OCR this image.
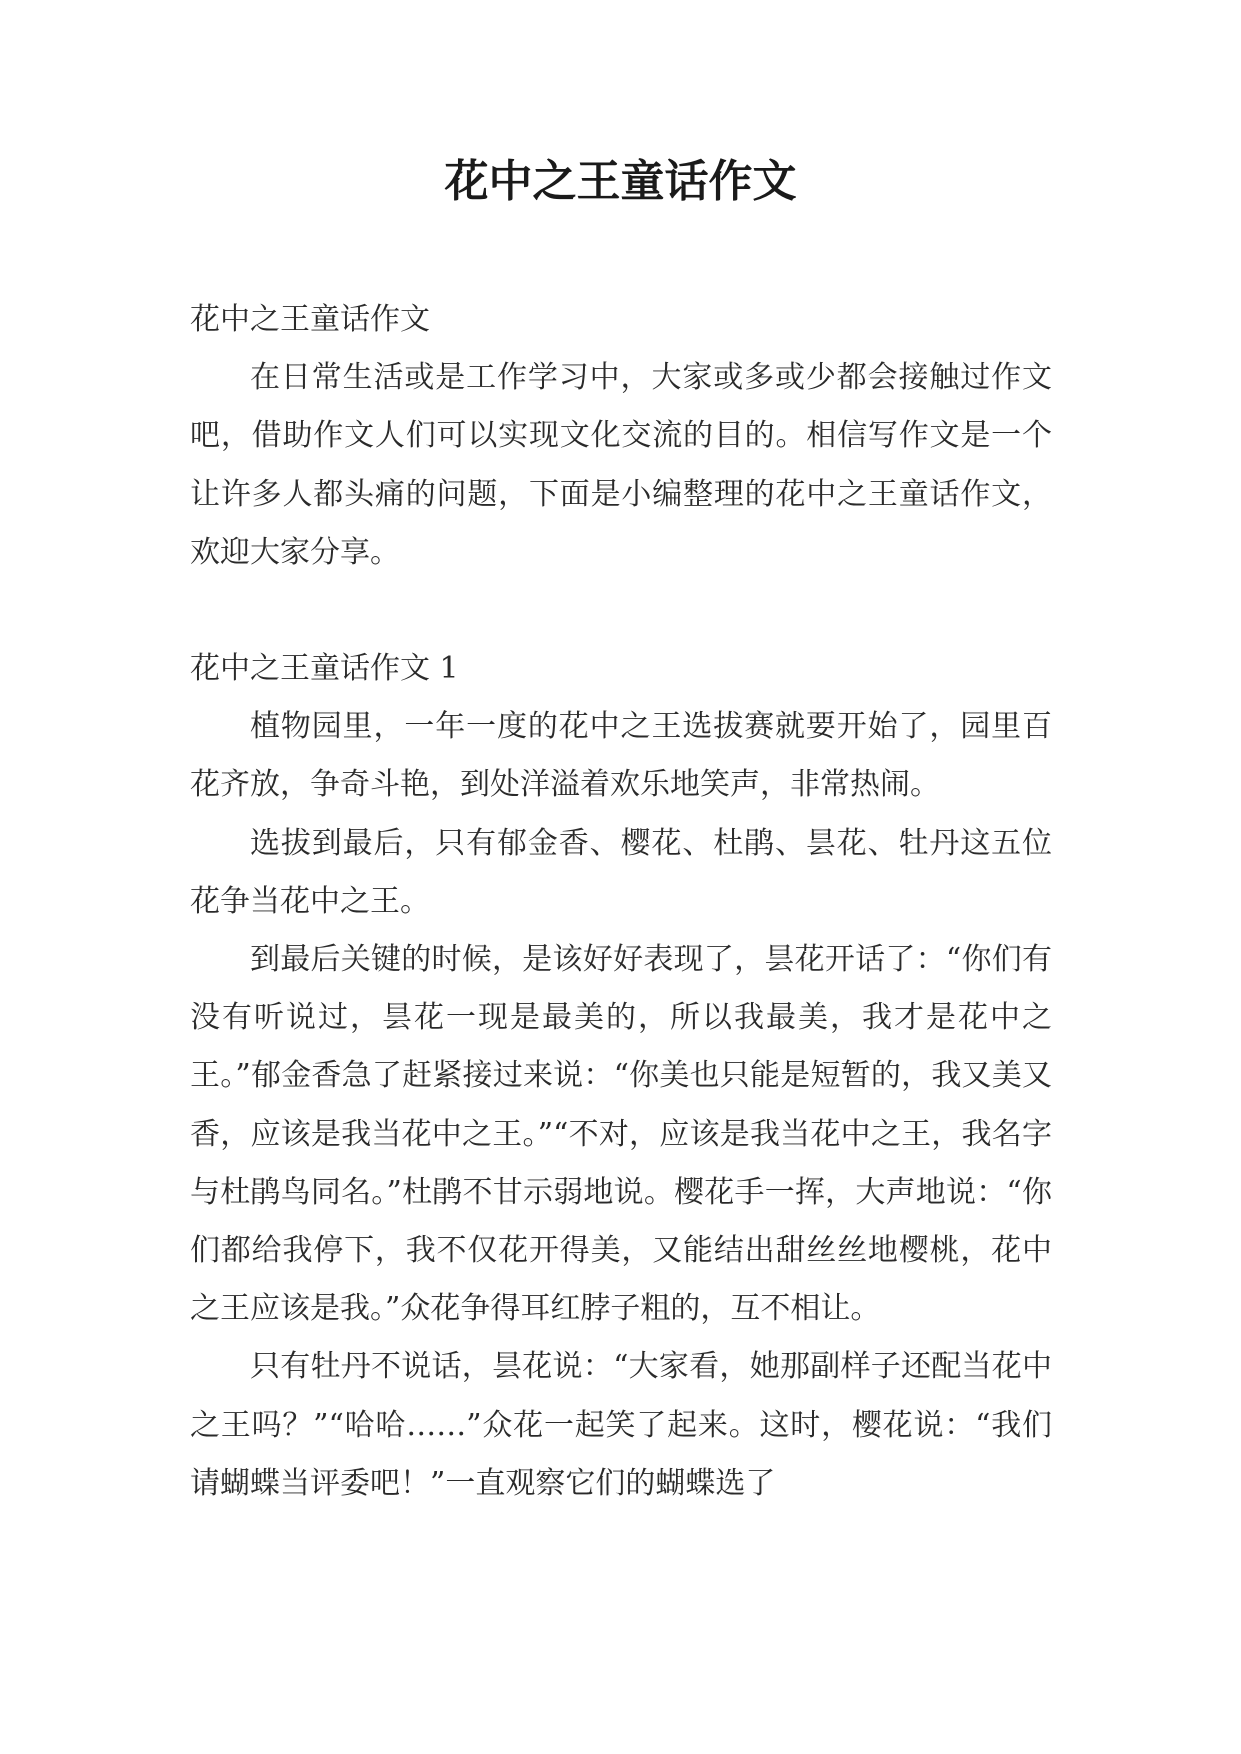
花中之王童话作文

花中之王童话作文

在日常生活或是工作学习中，大家或多或少都会接触过作文吧，借助作文人们可以实现文化交流的目的。相信写作文是一个让许多人都头痛的问题，下面是小编整理的花中之王童话作文，欢迎大家分享。

花中之王童话作文 1

植物园里，一年一度的花中之王选拔赛就要开始了，园里百花齐放，争奇斗艳，到处洋溢着欢乐地笑声，非常热闹。

选拔到最后，只有郁金香、樱花、杜鹃、昙花、牡丹这五位花争当花中之王。

到最后关键的时候，是该好好表现了，昙花开话了：“你们有没有听说过，昙花一现是最美的，所以我最美，我才是花中之王。”郁金香急了赶紧接过来说：“你美也只能是短暂的，我又美又香，应该是我当花中之王。”“不对，应该是我当花中之王，我名字与杜鹃鸟同名。”杜鹃不甘示弱地说。樱花手一挥，大声地说：“你们都给我停下，我不仅花开得美，又能结出甜丝丝地樱桃，花中之王应该是我。”众花争得耳红脖子粗的，互不相让。

只有牡丹不说话，昙花说：“大家看，她那副样子还配当花中之王吗？”“哈哈……”众花一起笑了起来。这时，樱花说：“我们请蝴蝶当评委吧！”一直观察它们的蝴蝶选了
